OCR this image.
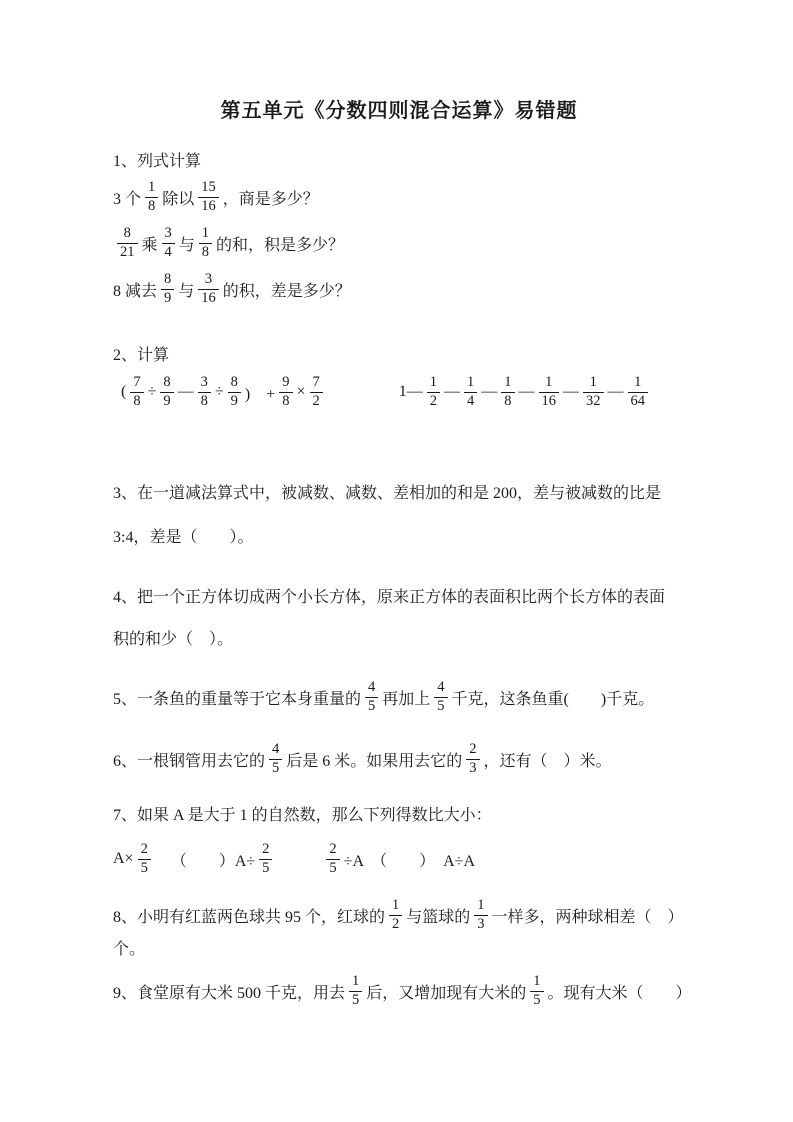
第五单元《分数四则混合运算》易错题
1、列式计算
3 个 $\frac{1}{8}$ 除以 $\frac{15}{16}$ ，商是多少？
$\frac{8}{21}$ 乘 $\frac{3}{4}$ 与 $\frac{1}{8}$ 的和，积是多少？
8 减去 $\frac{8}{9}$ 与 $\frac{3}{16}$ 的积，差是多少？
2、计算
( $\frac{7}{8} \div \frac{8}{9}$ — $\frac{3}{8} \div \frac{8}{9}$ )　+ $\frac{9}{8} \times \frac{7}{2}$	1— $\frac{1}{2}$ — $\frac{1}{4}$ — $\frac{1}{8}$ — $\frac{1}{16}$ — $\frac{1}{32}$ — $\frac{1}{64}$
3、在一道减法算式中，被减数、减数、差相加的和是 200，差与被减数的比是
3:4，差是（　　）。
4、把一个正方体切成两个小长方体，原来正方体的表面积比两个长方体的表面
积的和少（　）。
5、一条鱼的重量等于它本身重量的 $\frac{4}{5}$ 再加上 $\frac{4}{5}$ 千克，这条鱼重(　　)千克。
6、一根钢管用去它的 $\frac{4}{5}$ 后是 6 米。如果用去它的 $\frac{2}{3}$ ，还有（　）米。
7、如果 A 是大于 1 的自然数，那么下列得数比大小：
$A\times \frac{2}{5}$ （　　）$A\div \frac{2}{5}$	$\frac{2}{5} \div A$　（　　）　A÷A
8、小明有红蓝两色球共 95 个，红球的 $\frac{1}{2}$ 与篮球的 $\frac{1}{3}$ 一样多，两种球相差（　）
个。
9、食堂原有大米 500 千克，用去 $\frac{1}{5}$ 后，又增加现有大米的 $\frac{1}{5}$ 。现有大米（　　）
